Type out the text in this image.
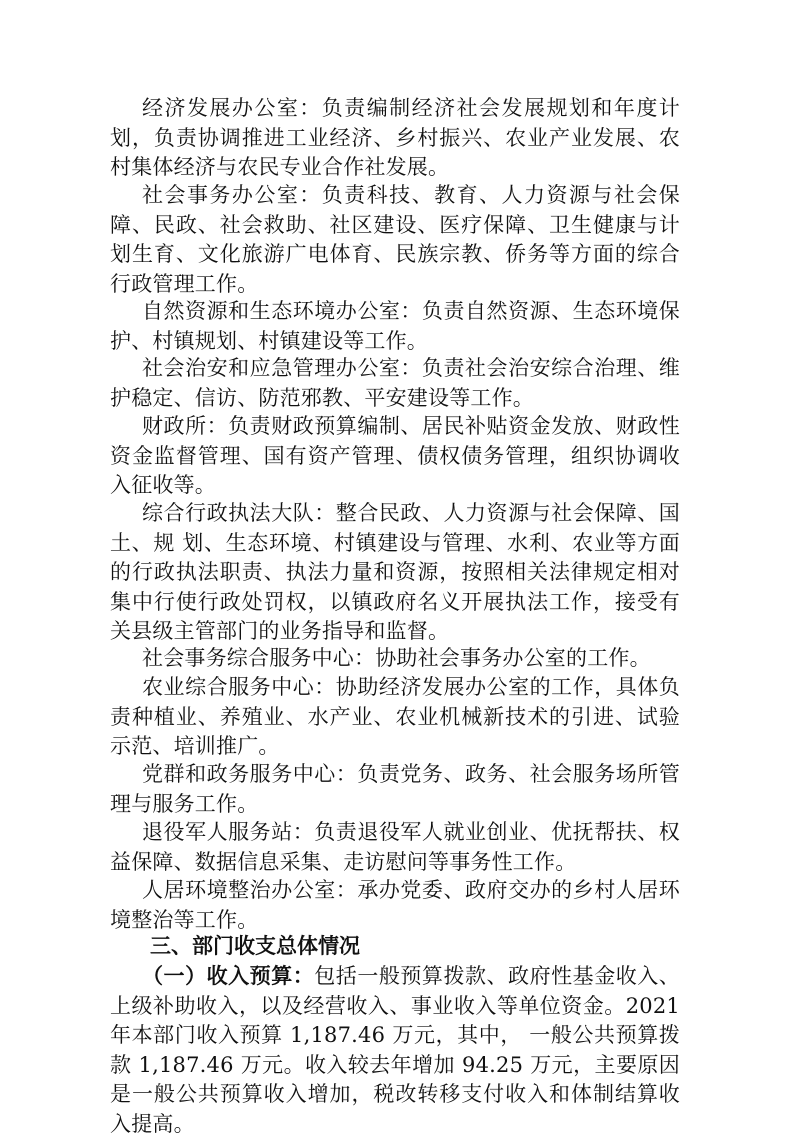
经济发展办公室：负责编制经济社会发展规划和年度计划，负责协调推进工业经济、乡村振兴、农业产业发展、农村集体经济与农民专业合作社发展。

社会事务办公室：负责科技、教育、人力资源与社会保障、民政、社会救助、社区建设、医疗保障、卫生健康与计划生育、文化旅游广电体育、民族宗教、侨务等方面的综合行政管理工作。

自然资源和生态环境办公室：负责自然资源、生态环境保护、村镇规划、村镇建设等工作。

社会治安和应急管理办公室：负责社会治安综合治理、维护稳定、信访、防范邪教、平安建设等工作。

财政所：负责财政预算编制、居民补贴资金发放、财政性资金监督管理、国有资产管理、债权债务管理，组织协调收入征收等。

综合行政执法大队：整合民政、人力资源与社会保障、国土、规 划、生态环境、村镇建设与管理、水利、农业等方面的行政执法职责、执法力量和资源，按照相关法律规定相对集中行使行政处罚权，以镇政府名义开展执法工作，接受有关县级主管部门的业务指导和监督。

社会事务综合服务中心：协助社会事务办公室的工作。

农业综合服务中心：协助经济发展办公室的工作，具体负责种植业、养殖业、水产业、农业机械新技术的引进、试验示范、培训推广。

党群和政务服务中心：负责党务、政务、社会服务场所管理与服务工作。

退役军人服务站：负责退役军人就业创业、优抚帮扶、权益保障、数据信息采集、走访慰问等事务性工作。

人居环境整治办公室：承办党委、政府交办的乡村人居环境整治等工作。

三、部门收支总体情况

（一）收入预算：包括一般预算拨款、政府性基金收入、上级补助收入，以及经营收入、事业收入等单位资金。2021 年本部门收入预算 1,187.46 万元，其中， 一般公共预算拨款 1,187.46 万元。收入较去年增加 94.25 万元，主要原因是一般公共预算收入增加，税改转移支付收入和体制结算收入提高。
